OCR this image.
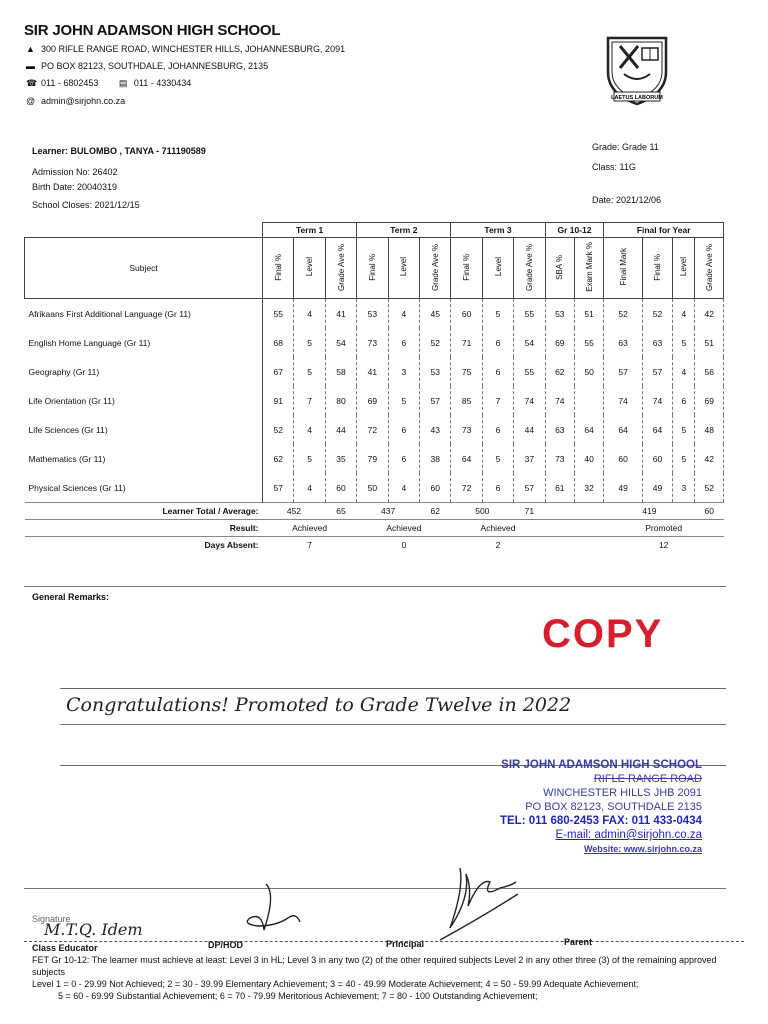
SIR JOHN ADAMSON HIGH SCHOOL
▲ 300 RIFLE RANGE ROAD, WINCHESTER HILLS, JOHANNESBURG, 2091
▬ PO BOX 82123, SOUTHDALE, JOHANNESBURG, 2135
☎ 011 - 6802453 ▤ 011 - 4330434
@ admin@sirjohn.co.za	LAETUS LABORUM
Learner: BULOMBO , TANYA - 711190589
Admission No: 26402
Birth Date: 20040319
School Closes: 2021/12/15
Grade: Grade 11
Class: 11G
Date: 2021/12/06
	Term 1			Term 2			Term 3			Gr 10-12		Final for Year			
Subject	Final %	Level	Grade Ave %	Final %	Level	Grade Ave %	Final %	Level	Grade Ave %	SBA %	Exam Mark %	Final Mark	Final %	Level	Grade Ave %
Afrikaans First Additional Language (Gr 11)	55	4	41	53	4	45	60	5	55	53	51	52	52	4	42
English Home Language (Gr 11)	68	5	54	73	6	52	71	6	54	69	55	63	63	5	51
Geography (Gr 11)	67	5	58	41	3	53	75	6	55	62	50	57	57	4	56
Life Orientation (Gr 11)	91	7	80	69	5	57	85	7	74	74		74	74	6	69
Life Sciences (Gr 11)	52	4	44	72	6	43	73	6	44	63	64	64	64	5	48
Mathematics (Gr 11)	62	5	35	79	6	38	64	5	37	73	40	60	60	5	42
Physical Sciences (Gr 11)	57	4	60	50	4	60	72	6	57	61	32	49	49	3	52
Learner Total / Average:	452		65	437		62	500		71			419			60
Result:	Achieved			Achieved			Achieved					Promoted			
Days Absent:	7			0			2					12			
General Remarks:
COPY
Congratulations! Promoted to Grade Twelve in 2022
SIR JOHN ADAMSON HIGH SCHOOL
RIFLE RANGE ROAD
WINCHESTER HILLS JHB 2091
PO BOX 82123, SOUTHDALE 2135
TEL: 011 680-2453 FAX: 011 433-0434
E-mail: admin@sirjohn.co.za
Website: www.sirjohn.co.za
Signature
M.T.Q. Idem
Class Educator	DP/HOD	Principal	Parent
FET Gr 10-12: The learner must achieve at least: Level 3 in HL; Level 3 in any two (2) of the other required subjects Level 2 in any other three (3) of the remaining approved subjects
Level 1 = 0 - 29.99 Not Achieved; 2 = 30 - 39.99 Elementary Achievement; 3 = 40 - 49.99 Moderate Achievement; 4 = 50 - 59.99 Adequate Achievement;
5 = 60 - 69.99 Substantial Achievement; 6 = 70 - 79.99 Meritorious Achievement; 7 = 80 - 100 Outstanding Achievement;
